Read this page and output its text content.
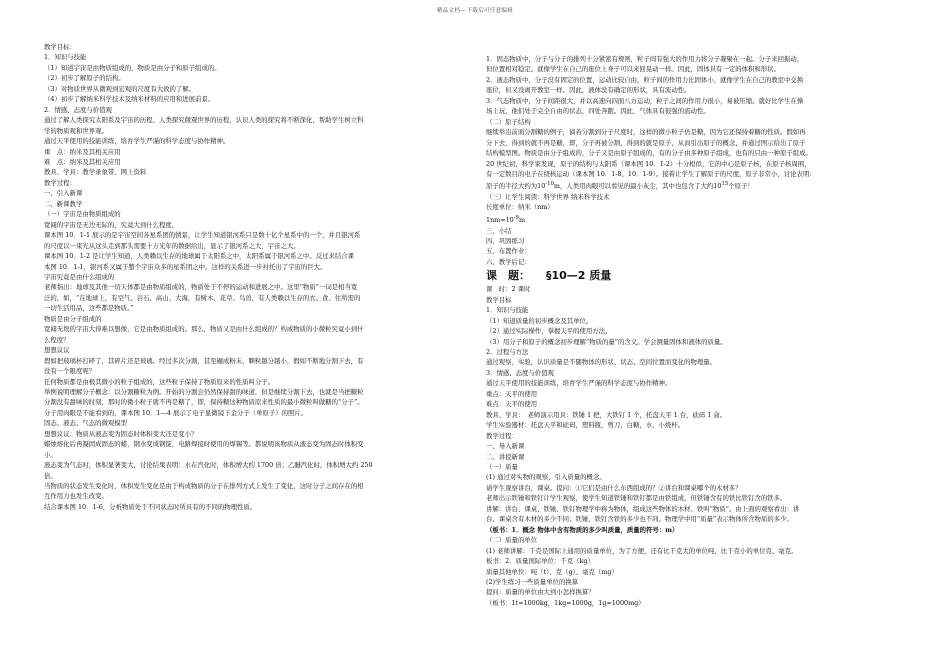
精品文档---下载后可任意编辑

教学目标：

1．知识与技能

（1）知道宇宙是由物质组成的，物质是由分子和原子组成的。

（2）初步了解原子的结构。

（3）对物质世界从微观到宏观的尺度有大致的了解。

（4）初步了解纳米科学技术及纳米材料的应用和进展前景。

2．情感、态度与价值观

通过了解人类探究太阳系及宇宙的历程、人类探究微观世界的历程，认识人类的探究将不断深化，帮助学生树立科

学的物质观和世界观。

通过天平使用的技能训练，培育学生严谨的科学态度与协作精神。

重　点：纳米及其相关应用

难　点：纳米及其相关应用

教具、学具：教学录象带、网上资料

教学过程：

一、引入新课

二、新课教学

（一）宇宙是由物质组成的

宽阔的宇宙是无边无际的，究竟大到什么程度，

课本图 10．1-1 展示的是宇宙空间各星系团的情景，让学生知道银河系只是数十亿个星系中的一个，并且银河系

的尺度以一束光从这头走到那头需要十万光年的数据给出，显示了银河系之大，宇宙之大。

课本图 10．1-2 是让学生知道，人类赖以生存的地球属于太阳系之中，太阳系属于银河系之中。反过来结合课

本图 10．1-1，银河系又属于整个宇宙众多的星系团之中。这样的关系进一步衬托出了宇宙的巨大。

宇宙究竟是由什么组成的

老师指出：地球及其他一切天体都是由物质组成的，物质处于不停的运动和进展之中。这里“物质”一词是相当宽

泛的，如，“在地球上，有空气、岩石、高山、大海，有树木、花草、鸟兽，有人类赖以生存的衣、食、住所需的

一切生活用品，这些都是物质。”

物质是由分子组成的

宽阔无垠的宇宙大得难以想像，它是由物质组成的。那么，物质又是由什么组成的？构成物质的小微粒究竟小到什

么程度？

想想议议

假如把玻璃杯打碎了，其碎片还是玻璃。经过多次分割，甚至碾成粉末，颗粒越分越小，假如不断地分割下去，有

没有一个限度呢？

任何物质都是由极其微小的粒子组成的，这些粒子保持了物质原来的性质叫分子。

举例说明理解分子概念：以分割糖粒为例。开始的分割会仍然保持甜的味道，但是继续分割下去，也就是当把糖粒

分割没有甜味的时刻，那时的微小粒子就不再是糖了，即，保持糖这种物质原来性质的最小微粒叫做糖的“分子”。

分子用肉眼是不能看到的，课本图 10．1—4 展示了电子显微镜下金分子（单原子）的照片。

固态、液态、气态的微观模型

想想议议：物质从液态变为固态时体积变大还是变小？

蜡烛熔化后再凝固成固态的蜡，钢水变成钢锭，电路焊接时使用的焊锡等。都说明该物质从液态变为固态时体积变

小。

液态变为气态时，体积显著变大，讨论结果表明：水在汽化时，体积增大约 1700 倍；乙醚汽化时，体积增大约 250

倍。

当物质的状态发生变化时，体积发生变化是由于构成物质的分子在排列方式上发生了变化，这时分子之间存在的相

互作用力也发生改变。

结合课本图 10．1-6，分析物质处于不同状态时所具有的不同的物理性质。

1．固态物质中，分子与分子的排列十分紧密有规则，粒子间有强大的作用力将分子凝聚在一起。分子来回振动，

但位置相对稳定。就像学生在自己的座位上身子可以来回晃动一样。因此，固体具有一定的体积和形状。

2．液态物质中，分子没有固定的位置，运动比较自由，粒子间的作用力比固体小，就像学生在自己的教室中交换

座位，但又没离开教室一样。因此，液体没有确定的形状，具有流动性。

3．气态物质中，分子间距很大，并以高速向四面八方运动，粒子之间的作用力很小，易被压缩。就好比学生在操

场上玩，他们处于完全自由的状态，四处奔跑。因此，气体具有很强的流动性。

（二）原子结构

继续举出前面分割糖的例子，倘若分割到分子尺度时，这样的微小粒子仍是糖，因为它还保持着糖的性质。假如再

分下去，得到的就不再是糖，即，分子再被分割，得到的就是原子，从而引出原子的概念，并通过图示给出了原子

结构模型图。物质是由分子组成的，分子又是由原子组成的，有的分子由多种原子组成，也有的只由一种原子组成。

20 世纪初，科学家发现，原子的结构与太阳系（课本图 10．1-2）十分相似，它的中心是原子核，在原子核周围，

有一定数目的电子在绕核运动（课本图 10．1-8、10．1-9）。接着让学生了解原子的尺度，原子非常小，讨论表明：

原子的半径大约为$10^{-10}m$，人类用肉眼可以看见的最小灰尘，其中也包含了大约$10^{15}$个原子！

（三）让学生阅读：科学世界 纳米科学技术

长度单位：纳米（nm）

$1nm=10^{-9}m$

三、小结

四、巩固练习

五、布置作业：

六、教学后记：

课　题： §10—2 质量

课　时：2 课时

教学目标

1．知识与技能

（1）知道质量的初步概念及其单位。

（2）通过实际操作，掌握天平的使用方法。

（3）用分子和原子的概念初步理解“物质的量”的含义。学会测量固体和液体的质量。

2．过程与方法

通过观察、实验，认识质量是不随物体的形状、状态、空间位置而变化的物理量。

3．情感、态度与价值观

通过天平使用的技能训练，培育学生严谨的科学态度与协作精神。

重点：天平的使用

难点：天平的使用

教具、学具：　老师演示用具：铁锤 1 把，大铁钉 1 个，托盘天平 1 台，砝码 1 盒。

学生实验器材：托盘天平和砝码，塑料瓶，剪刀，白糖，水，小烧杯。

教学过程：

一、导入新课

二、讲授新课

（一）质量

(1) 通过对实物的观察，引入质量的概念。

请学生观察讲台，课桌。提问：①它们是由什么东西组成的？②讲台和课桌哪个的木材多？

老师出示铁锤和铁钉让学生观察，使学生知道铁锤和铁钉都是由铁组成，但铁锤含有的铁比铁钉含的铁多。

讲解：讲台、课桌、铁锤、铁钉物理学中称为物体，组成这些物体的木材、铁叫“物质”。由上面的观察看出：讲

台、课桌含有木材的多少不同；铁锤、铁钉含铁的多少也不同。物理学中用“质量”表示物体所含物质的多少。

（板书：1．概念 物体中含有物质的多少叫质量，质量的符号：m）

（二）质量的单位

(1) 老师讲解：千克是国际上通用的质量单位，为了方便，还有比千克大的单位吨，比千克小的单位克、毫克。

板书：2．质量国际单位：千克（kg）

质量其他单位：吨（t）、克（g）、毫克（mg）

(2)学生练习一些质量单位的换算

提问：质量的单位由大到小怎样换算？

（板书：1t=1000kg，1kg=1000g，1g=1000mg）
